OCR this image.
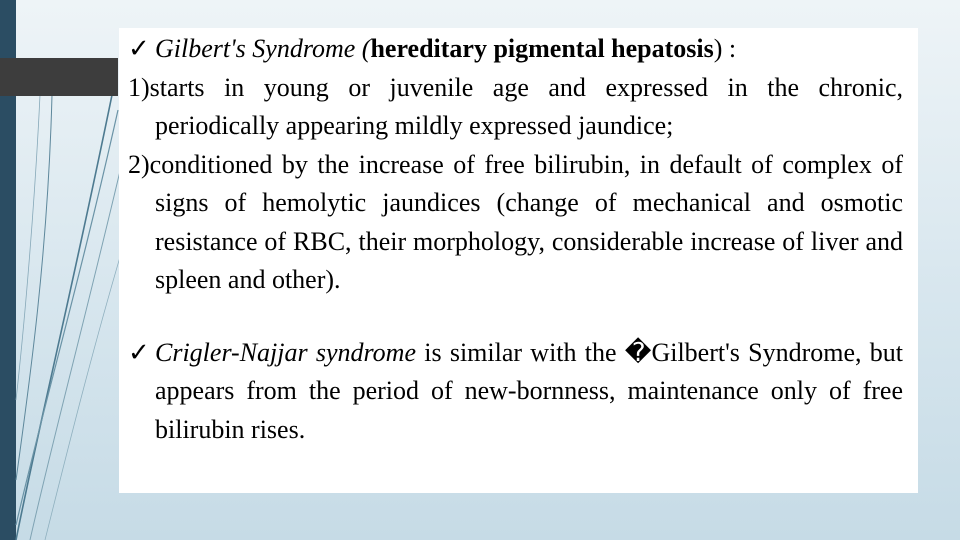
✓ Gilbert's Syndrome (hereditary pigmental hepatosis) :

1)starts in young or juvenile age and expressed in the chronic, periodically appearing mildly expressed jaundice;

2)conditioned by the increase of free bilirubin, in default of complex of signs of hemolytic jaundices (change of mechanical and osmotic resistance of RBC, their morphology, considerable increase of liver and spleen and other).

✓ Crigler-Najjar syndrome is similar with the �Gilbert's Syndrome, but appears from the period of new-bornness, maintenance only of free bilirubin rises.
